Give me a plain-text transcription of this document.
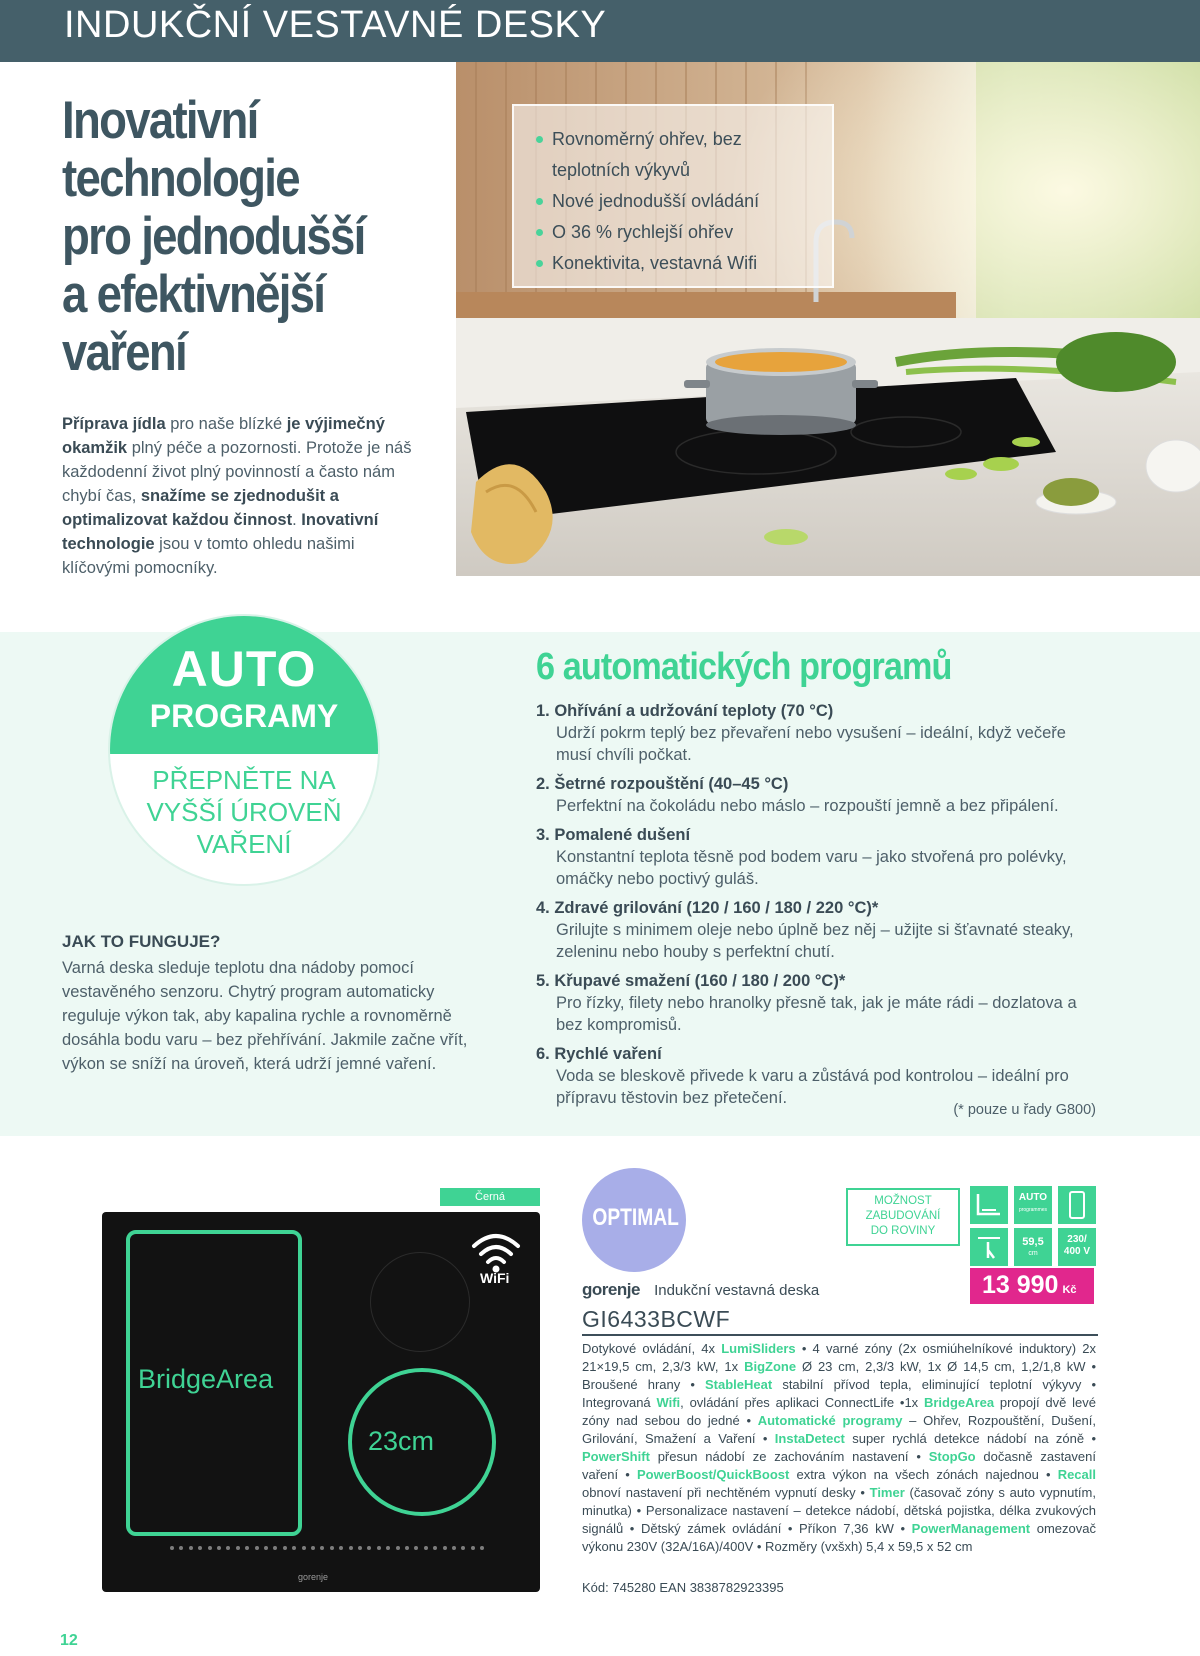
INDUKČNÍ VESTAVNÉ DESKY
Inovativní
technologie
pro jednodušší
a efektivnější
vaření

Příprava jídla pro naše blízké je výjimečný okamžik plný péče a pozornosti. Protože je náš každodenní život plný povinností a často nám chybí čas, snažíme se zjednodušit a optimalizovat každou činnost. Inovativní technologie jsou v tomto ohledu našimi klíčovými pomocníky.

Rovnoměrný ohřev, bez teplotních výkyvů
Nové jednodušší ovládání
O 36 % rychlejší ohřev
Konektivita, vestavná Wifi
AUTO
PROGRAMY
PŘEPNĚTE NA
VYŠŠÍ ÚROVEŇ
VAŘENÍ
JAK TO FUNGUJE?

Varná deska sleduje teplotu dna nádoby pomocí vestavěného senzoru. Chytrý program automaticky reguluje výkon tak, aby kapalina rychle a rovnoměrně dosáhla bodu varu – bez přehřívání. Jakmile začne vřít, výkon se sníží na úroveň, která udrží jemné vaření.

6 automatických programů
1. Ohřívání a udržování teploty (70 °C)
Udrží pokrm teplý bez převaření nebo vysušení – ideální, když večeře musí chvíli počkat.
2. Šetrné rozpouštění (40–45 °C)
Perfektní na čokoládu nebo máslo – rozpouští jemně a bez připálení.
3. Pomalené dušení
Konstantní teplota těsně pod bodem varu – jako stvořená pro polévky, omáčky nebo poctivý guláš.
4. Zdravé grilování (120 / 160 / 180 / 220 °C)*
Grilujte s minimem oleje nebo úplně bez něj – užijte si šťavnaté steaky, zeleninu nebo houby s perfektní chutí.
5. Křupavé smažení (160 / 180 / 200 °C)*
Pro řízky, filety nebo hranolky přesně tak, jak je máte rádi – dozlatova a bez kompromisů.
6. Rychlé vaření
Voda se bleskově přivede k varu a zůstává pod kontrolou – ideální pro přípravu těstovin bez přetečení.
(* pouze u řady G800)
Černá
BridgeArea
23cm
WiFi
gorenje
OPTIMAL
MOŽNOST
ZABUDOVÁNÍ
DO ROVINY
AUTO
programmes
59,5
cm
230/ 400 V
13 990 Kč
gorenje Indukční vestavná deska
GI6433BCWF

Dotykové ovládání, 4x LumiSliders • 4 varné zóny (2x osmiúhelníkové induktory) 2x 21×19,5 cm, 2,3/3 kW, 1x BigZone Ø 23 cm, 2,3/3 kW, 1x Ø 14,5 cm, 1,2/1,8 kW • Broušené hrany • StableHeat stabilní přívod tepla, eliminující teplotní výkyvy • Integrovaná Wifi, ovládání přes aplikaci ConnectLife •1x BridgeArea propojí dvě levé zóny nad sebou do jedné • Automatické programy – Ohřev, Rozpouštění, Dušení, Grilování, Smažení a Vaření • InstaDetect super rychlá detekce nádobí na zóně • PowerShift přesun nádobí ze zachováním nastavení • StopGo dočasně zastavení vaření • PowerBoost/QuickBoost extra výkon na všech zónách najednou • Recall obnoví nastavení při nechtěném vypnutí desky • Timer (časovač zóny s auto vypnutím, minutka) • Personalizace nastavení – detekce nádobí, dětská pojistka, délka zvukových signálů • Dětský zámek ovládání • Příkon 7,36 kW • PowerManagement omezovač výkonu 230V (32A/16A)/400V • Rozměry (vxšxh) 5,4 x 59,5 x 52 cm

Kód: 745280 EAN 3838782923395
12
